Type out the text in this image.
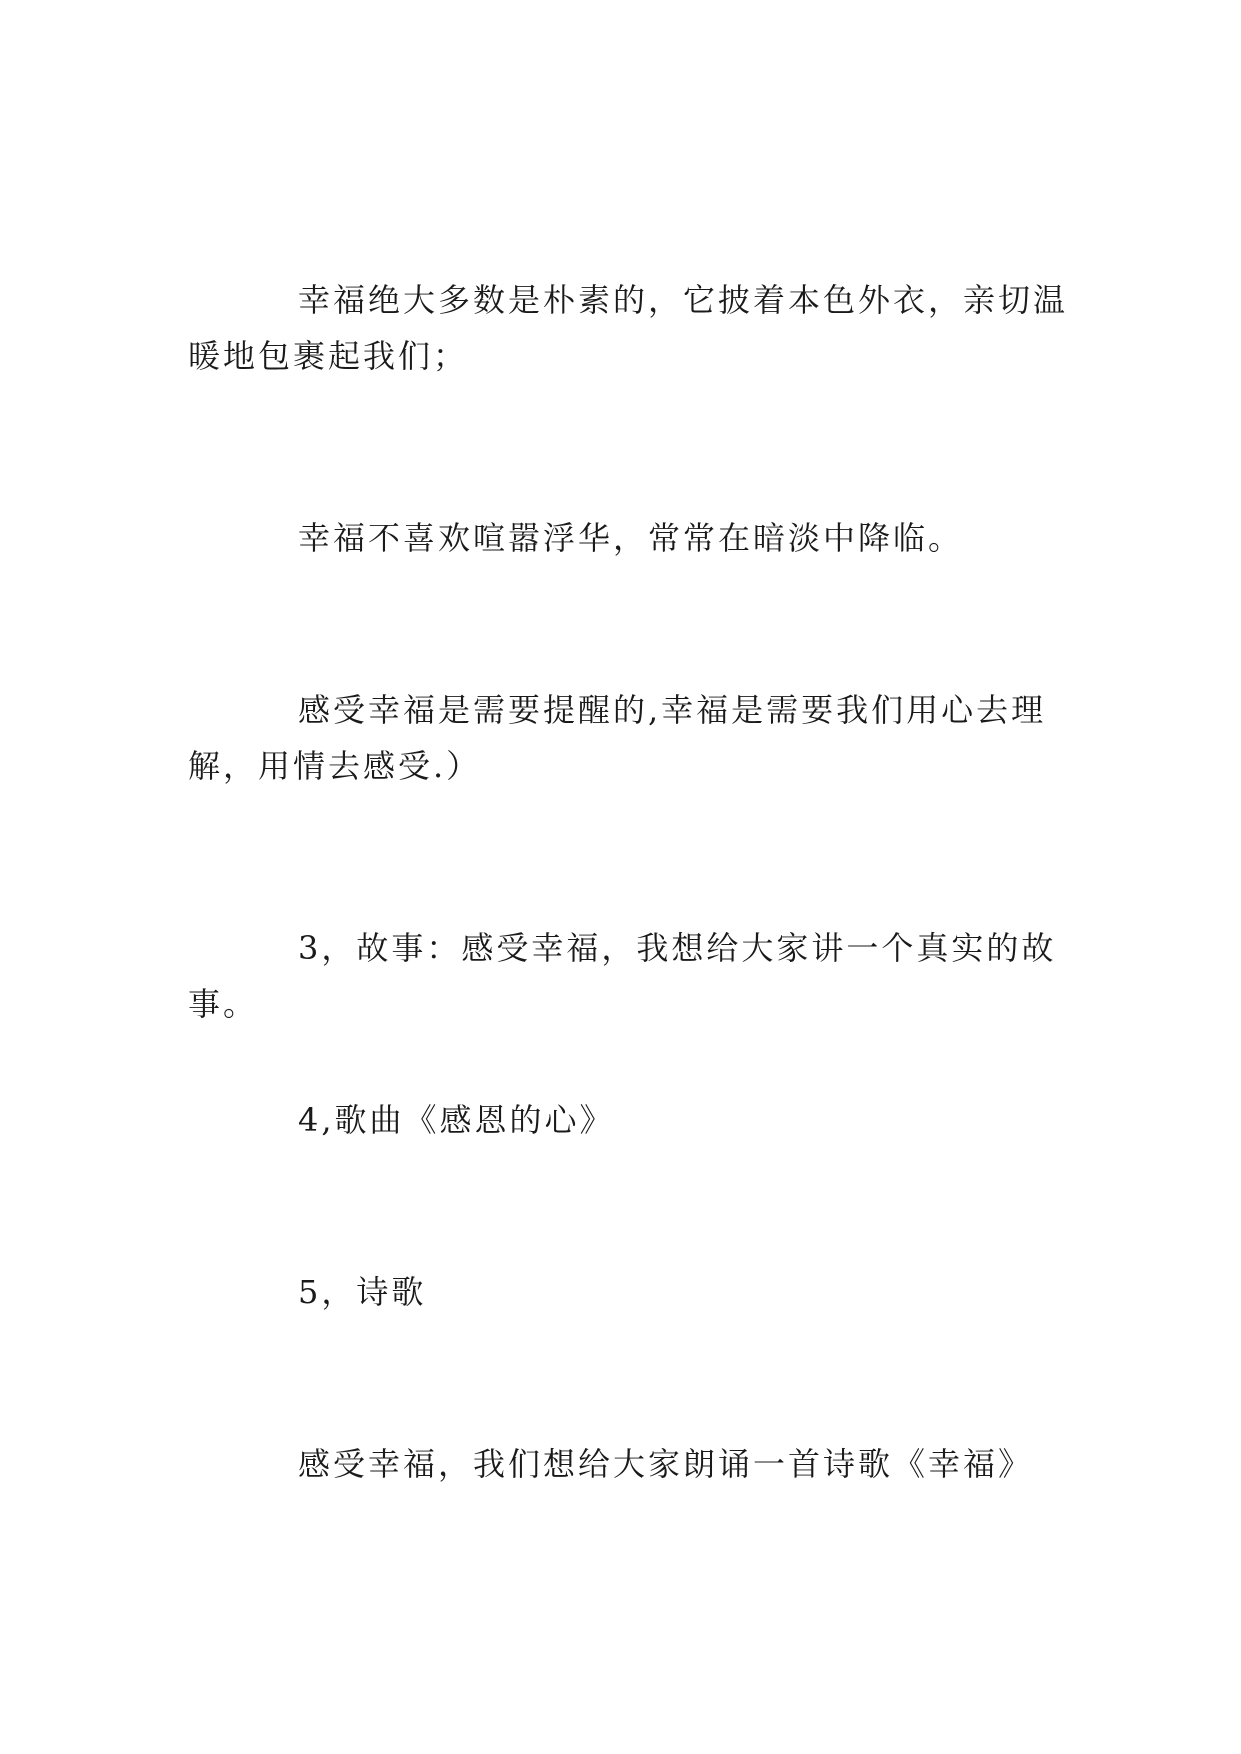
幸福绝大多数是朴素的，它披着本色外衣，亲切温暖地包裹起我们；

幸福不喜欢喧嚣浮华，常常在暗淡中降临。

感受幸福是需要提醒的,幸福是需要我们用心去理解，用情去感受.）

3，故事：感受幸福，我想给大家讲一个真实的故事。

4,歌曲《感恩的心》

5，诗歌

感受幸福，我们想给大家朗诵一首诗歌《幸福》
